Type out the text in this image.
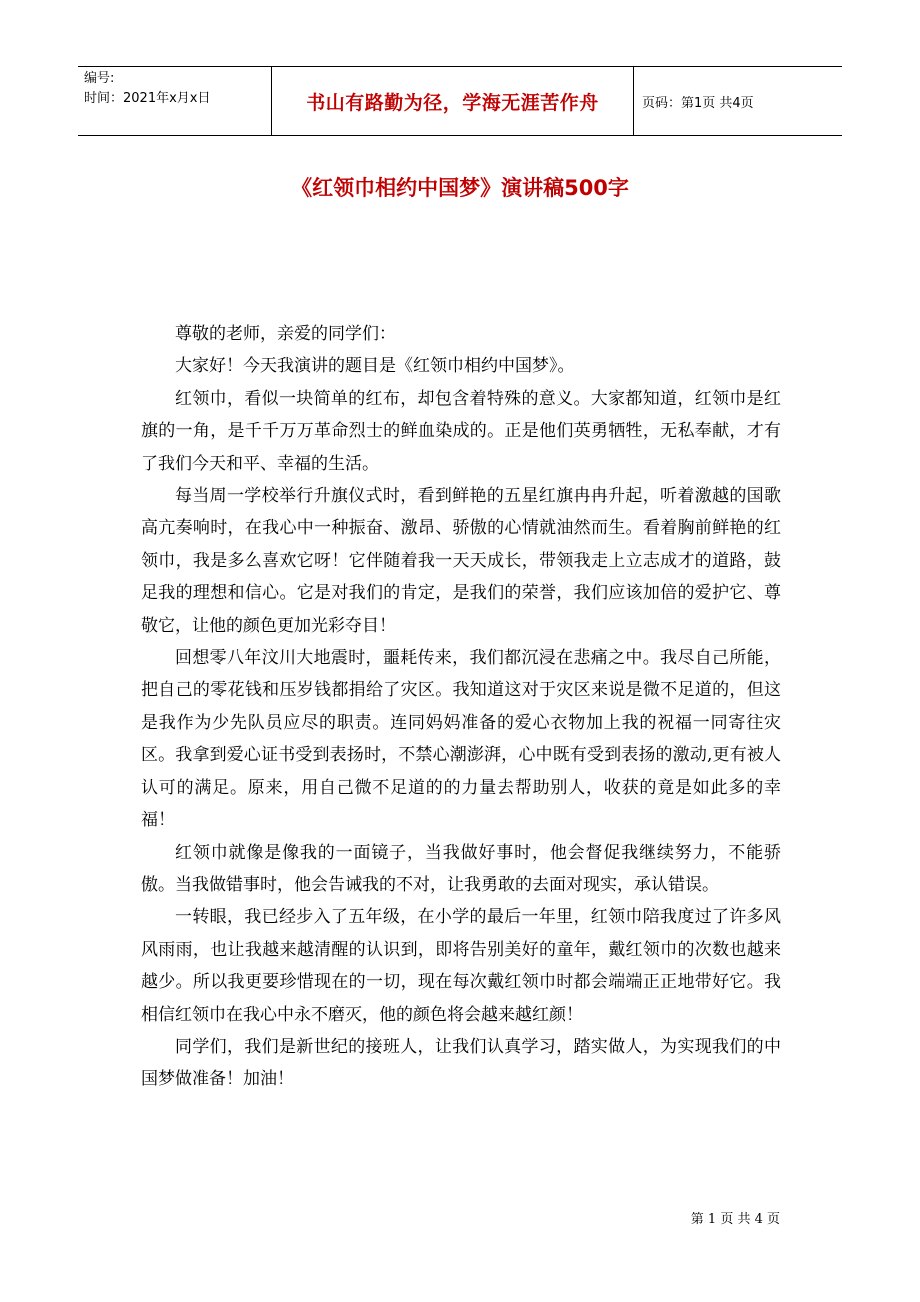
编号:
时间：2021年x月x日	书山有路勤为径，学海无涯苦作舟	页码：第1页 共4页
《红领巾相约中国梦》演讲稿500字

尊敬的老师，亲爱的同学们：

大家好！今天我演讲的题目是《红领巾相约中国梦》。

红领巾，看似一块简单的红布，却包含着特殊的意义。大家都知道，红领巾是红旗的一角，是千千万万革命烈士的鲜血染成的。正是他们英勇牺牲，无私奉献，才有了我们今天和平、幸福的生活。

每当周一学校举行升旗仪式时，看到鲜艳的五星红旗冉冉升起，听着激越的国歌高亢奏响时，在我心中一种振奋、激昂、骄傲的心情就油然而生。看着胸前鲜艳的红领巾，我是多么喜欢它呀！它伴随着我一天天成长，带领我走上立志成才的道路，鼓足我的理想和信心。它是对我们的肯定，是我们的荣誉，我们应该加倍的爱护它、尊敬它，让他的颜色更加光彩夺目！

回想零八年汶川大地震时，噩耗传来，我们都沉浸在悲痛之中。我尽自己所能，把自己的零花钱和压岁钱都捐给了灾区。我知道这对于灾区来说是微不足道的，但这是我作为少先队员应尽的职责。连同妈妈准备的爱心衣物加上我的祝福一同寄往灾区。我拿到爱心证书受到表扬时，不禁心潮澎湃，心中既有受到表扬的激动,更有被人认可的满足。原来，用自己微不足道的的力量去帮助别人，收获的竟是如此多的幸福！

红领巾就像是像我的一面镜子，当我做好事时，他会督促我继续努力，不能骄傲。当我做错事时，他会告诫我的不对，让我勇敢的去面对现实，承认错误。

一转眼，我已经步入了五年级，在小学的最后一年里，红领巾陪我度过了许多风风雨雨，也让我越来越清醒的认识到，即将告别美好的童年，戴红领巾的次数也越来越少。所以我更要珍惜现在的一切，现在每次戴红领巾时都会端端正正地带好它。我相信红领巾在我心中永不磨灭，他的颜色将会越来越红颜！

同学们，我们是新世纪的接班人，让我们认真学习，踏实做人，为实现我们的中国梦做准备！加油！

第 1 页 共 4 页
